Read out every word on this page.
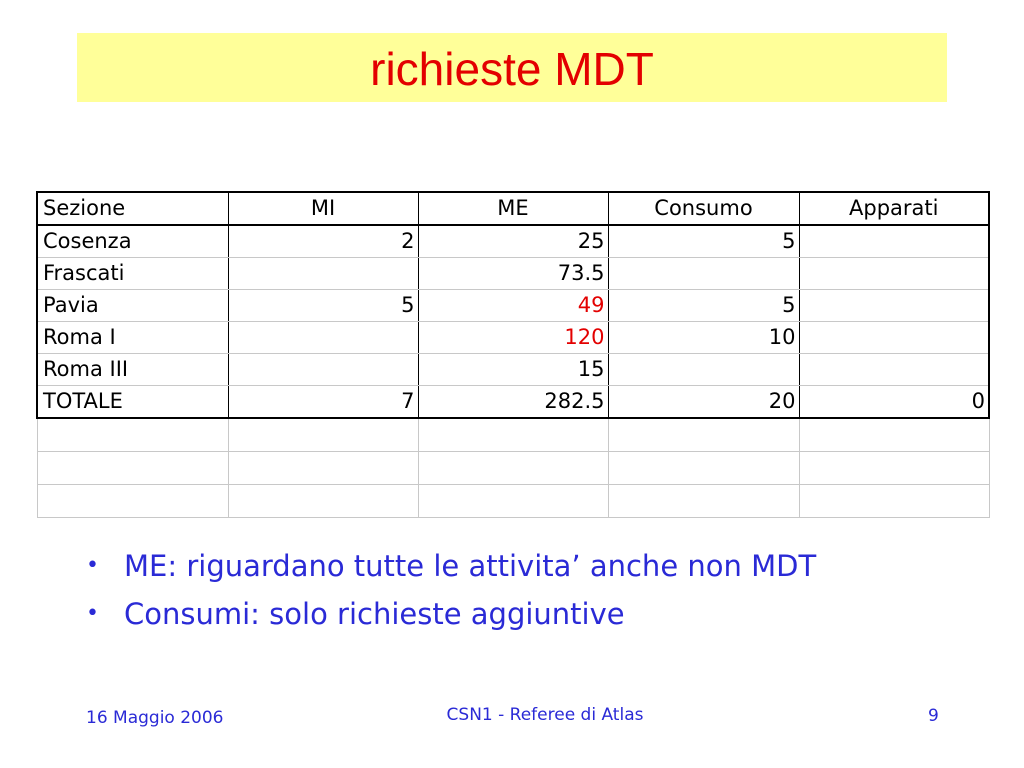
richieste MDT
Sezione	MI	ME	Consumo	Apparati
Cosenza	2	25	5	
Frascati		73.5		
Pavia	5	49	5	
Roma I		120	10	
Roma III		15		
TOTALE	7	282.5	20	0

• ME: riguardano tutte le attivita’ anche non MDT
• Consumi: solo richieste aggiuntive
16 Maggio 2006	CSN1 - Referee di Atlas	9
